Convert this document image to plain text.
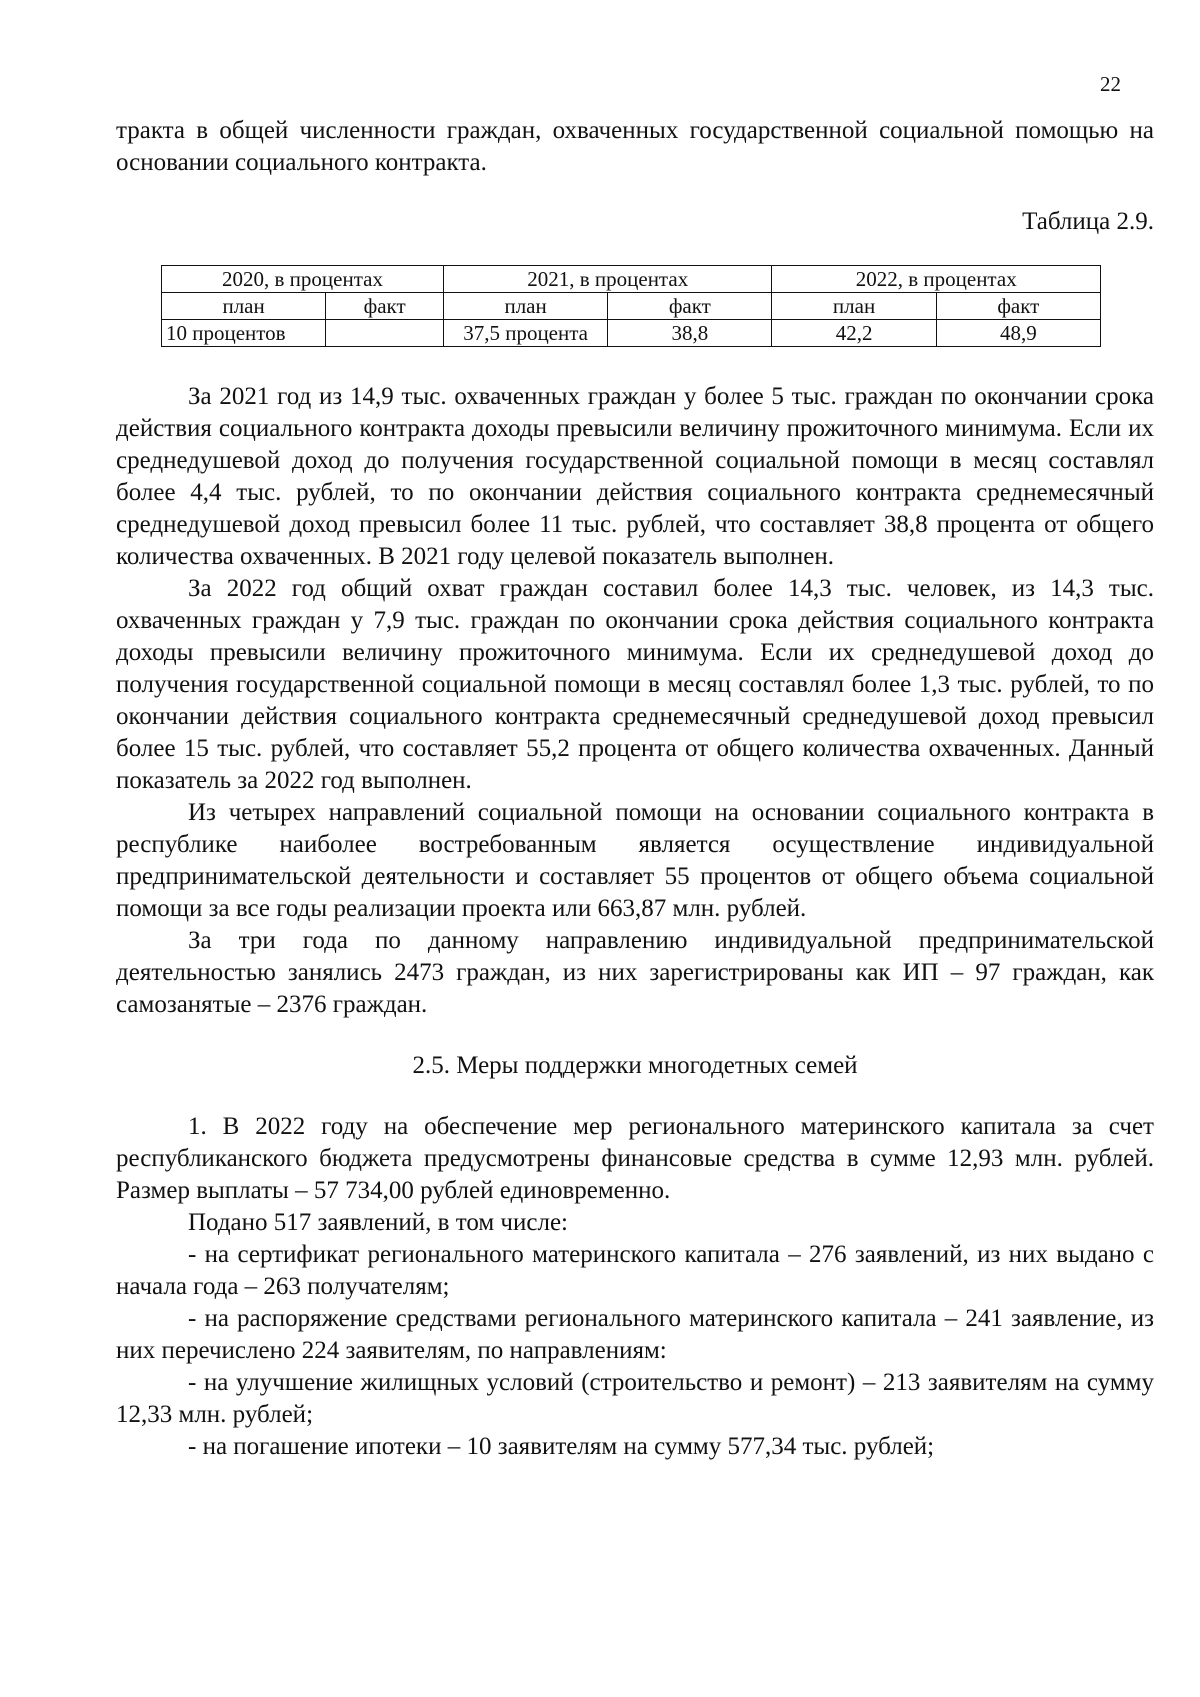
22

тракта в общей численности граждан, охваченных государственной социальной помощью на основании социального контракта.

Таблица 2.9.

2020, в процентах		2021, в процентах		2022, в процентах	
план	факт	план	факт	план	факт
10 процентов		37,5 процента	38,8	42,2	48,9

За 2021 год из 14,9 тыс. охваченных граждан у более 5 тыс. граждан по окончании срока действия социального контракта доходы превысили величину прожиточного минимума. Если их среднедушевой доход до получения государственной социальной помощи в месяц составлял более 4,4 тыс. рублей, то по окончании действия социального контракта среднемесячный среднедушевой доход превысил более 11 тыс. рублей, что составляет 38,8 процента от общего количества охваченных. В 2021 году целевой показатель выполнен.

За 2022 год общий охват граждан составил более 14,3 тыс. человек, из 14,3 тыс. охваченных граждан у 7,9 тыс. граждан по окончании срока действия социального контракта доходы превысили величину прожиточного минимума. Если их среднедушевой доход до получения государственной социальной помощи в месяц составлял более 1,3 тыс. рублей, то по окончании действия социального контракта среднемесячный среднедушевой доход превысил более 15 тыс. рублей, что составляет 55,2 процента от общего количества охваченных. Данный показатель за 2022 год выполнен.

Из четырех направлений социальной помощи на основании социального контракта в республике наиболее востребованным является осуществление индивидуальной предпринимательской деятельности и составляет 55 процентов от общего объема социальной помощи за все годы реализации проекта или 663,87 млн. рублей.

За три года по данному направлению индивидуальной предпринимательской деятельностью занялись 2473 граждан, из них зарегистрированы как ИП – 97 граждан, как самозанятые – 2376 граждан.

2.5. Меры поддержки многодетных семей

1. В 2022 году на обеспечение мер регионального материнского капитала за счет республиканского бюджета предусмотрены финансовые средства в сумме 12,93 млн. рублей. Размер выплаты – 57 734,00 рублей единовременно.

Подано 517 заявлений, в том числе:

- на сертификат регионального материнского капитала – 276 заявлений, из них выдано с начала года – 263 получателям;

- на распоряжение средствами регионального материнского капитала – 241 заявление, из них перечислено 224 заявителям, по направлениям:

- на улучшение жилищных условий (строительство и ремонт) – 213 заявителям на сумму 12,33 млн. рублей;

- на погашение ипотеки – 10 заявителям на сумму 577,34 тыс. рублей;
